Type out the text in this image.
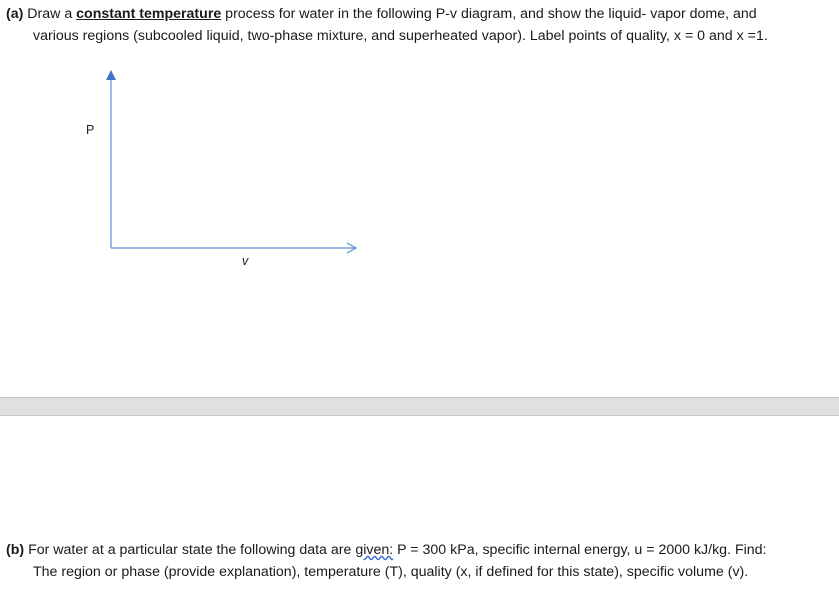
(a) Draw a constant temperature process for water in the following P-v diagram, and show the liquid- vapor dome, and
various regions (subcooled liquid, two-phase mixture, and superheated vapor). Label points of quality, x = 0 and x =1.
P
v
(b) For water at a particular state the following data are given: P = 300 kPa, specific internal energy, u = 2000 kJ/kg. Find:
The region or phase (provide explanation), temperature (T), quality (x, if defined for this state), specific volume (v).
